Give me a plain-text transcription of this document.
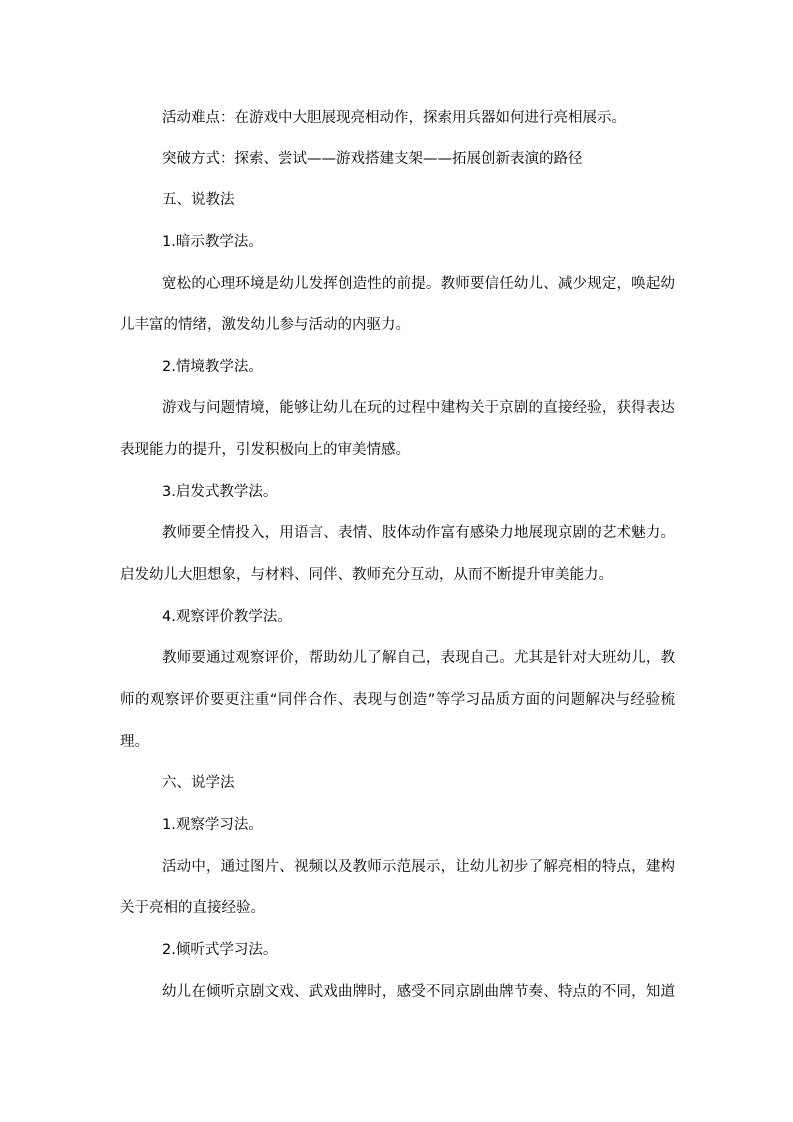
活动难点：在游戏中大胆展现亮相动作，探索用兵器如何进行亮相展示。
突破方式：探索、尝试——游戏搭建支架——拓展创新表演的路径
五、说教法
1.暗示教学法。
宽松的心理环境是幼儿发挥创造性的前提。教师要信任幼儿、减少规定，唤起幼
儿丰富的情绪，激发幼儿参与活动的内驱力。
2.情境教学法。
游戏与问题情境，能够让幼儿在玩的过程中建构关于京剧的直接经验，获得表达
表现能力的提升，引发积极向上的审美情感。
3.启发式教学法。
教师要全情投入，用语言、表情、肢体动作富有感染力地展现京剧的艺术魅力。
启发幼儿大胆想象，与材料、同伴、教师充分互动，从而不断提升审美能力。
4.观察评价教学法。
教师要通过观察评价，帮助幼儿了解自己，表现自己。尤其是针对大班幼儿，教
师的观察评价要更注重“同伴合作、表现与创造”等学习品质方面的问题解决与经验梳
理。
六、说学法
1.观察学习法。
活动中，通过图片、视频以及教师示范展示，让幼儿初步了解亮相的特点，建构
关于亮相的直接经验。
2.倾听式学习法。
幼儿在倾听京剧文戏、武戏曲牌时，感受不同京剧曲牌节奏、特点的不同，知道
